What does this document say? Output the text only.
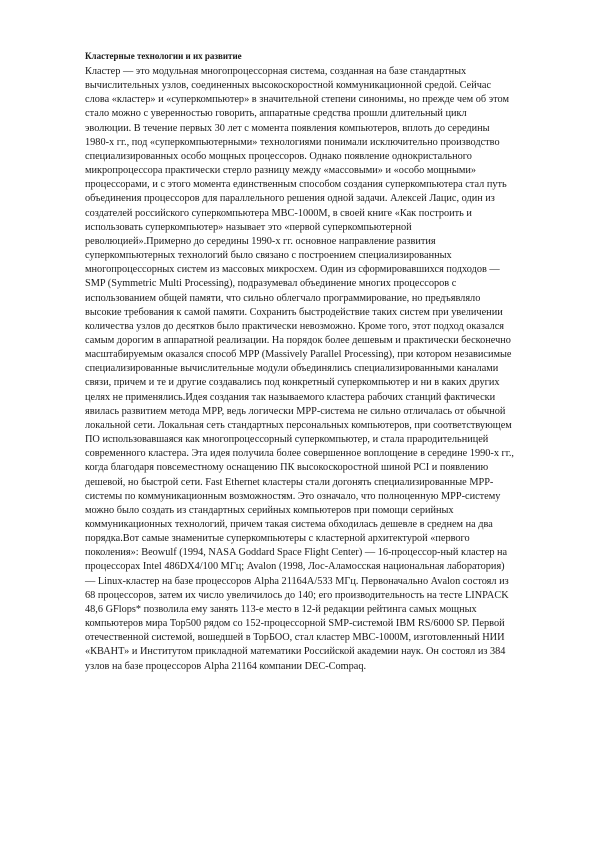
Кластерные технологии и их развитие

Кластер — это модульная многопроцессорная система, созданная на базе стандартных вычислительных узлов, соединенных высокоскоростной коммуникационной средой. Сейчас слова «кластер» и «суперкомпьютер» в значительной степени синонимы, но прежде чем об этом стало можно с уверенностью говорить, аппаратные средства прошли длительный цикл эволюции. В течение первых 30 лет с момента появления компьютеров, вплоть до середины 1980-х гг., под «суперкомпьютерными» технологиями понимали исключительно производство специализированных особо мощных процессоров. Однако появление однокристального микропроцессора практически стерло разницу между «массовыми» и «особо мощными» процессорами, и с этого момента единственным способом создания суперкомпьютера стал путь объединения процессоров для параллельного решения одной задачи. Алексей Лацис, один из создателей российского суперкомпьютера МВС-1000М, в своей книге «Как построить и использовать суперкомпьютер» называет это «первой суперкомпьютерной революцией».Примерно до середины 1990-х гг. основное направление развития суперкомпьютерных технологий было связано с построением специализированных многопроцессорных систем из массовых микросхем. Один из сформировавшихся подходов — SMP (Symmetric Multi Processing), подразумевал объединение многих процессоров с использованием общей памяти, что сильно облегчало программирование, но предъявляло высокие требования к самой памяти. Сохранить быстродействие таких систем при увеличении количества узлов до десятков было практически невозможно. Кроме того, этот подход оказался самым дорогим в аппаратной реализации. На порядок более дешевым и практически бесконечно масштабируемым оказался способ MPP (Massively Parallel Processing), при котором независимые специализированные вычислительные модули объединялись специализированными каналами связи, причем и те и другие создавались под конкретный суперкомпьютер и ни в каких других целях не применялись.Идея создания так называемого кластера рабочих станций фактически явилась развитием метода MPP, ведь логически MPP-система не сильно отличалась от обычной локальной сети. Локальная сеть стандартных персональных компьютеров, при соответствующем ПО использовавшаяся как многопроцессорный суперкомпьютер, и стала прародительницей современного кластера. Эта идея получила более совершенное воплощение в середине 1990-х гг., когда благодаря повсеместному оснащению ПК высокоскоростной шиной PCI и появлению дешевой, но быстрой сети. Fast Ethernet кластеры стали догонять специализированные MPP-системы по коммуникационным возможностям. Это означало, что полноценную MPP-систему можно было создать из стандартных серийных компьютеров при помощи серийных коммуникационных технологий, причем такая система обходилась дешевле в среднем на два порядка.Вот самые знаменитые суперкомпьютеры с кластерной архитектурой «первого поколения»: Beowulf (1994, NASA Goddard Space Flight Center) — 16-процессор-ный кластер на процессорах Intel 486DX4/100 МГц; Avalon (1998, Лос-Аламосская национальная лаборатория) — Linux-кластер на базе процессоров Alpha 21164A/533 МГц. Первоначально Avalon состоял из 68 процессоров, затем их число увеличилось до 140; его производительность на тесте LINPACK 48,6 GFlops* позволила ему занять 113-е место в 12-й редакции рейтинга самых мощных компьютеров мира Top500 рядом со 152-процессорной SMP-системой IBM RS/6000 SP. Первой отечественной системой, вошедшей в ТорБОО, стал кластер МВС-1000М, изготовленный НИИ «КВАНТ» и Институтом прикладной математики Российской академии наук. Он состоял из 384 узлов на базе процессоров Alpha 21164 компании DEC-Compaq.
